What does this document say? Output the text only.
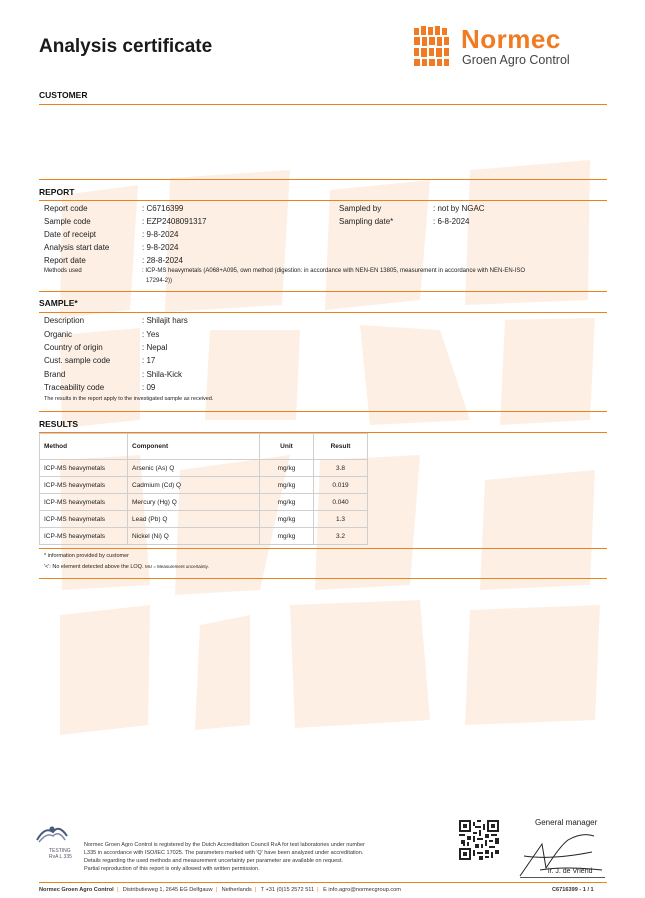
Analysis certificate	Normec
Groen Agro Control
CUSTOMER
REPORT
Report code	: C6716399	Sampled by	: not by NGAC
Sample code	: EZP2408091317	Sampling date*	: 6-8-2024
Date of receipt	: 9-8-2024
Analysis start date	: 9-8-2024
Report date	: 28-8-2024
Methods used	: ICP-MS heavymetals (A068+A095, own method (digestion: in accordance with NEN-EN 13805, measurement in accordance with NEN-EN-ISO
17294-2))
SAMPLE*
Description	: Shilajit hars
Organic	: Yes
Country of origin	: Nepal
Cust. sample code	: 17
Brand	: Shila-Kick
Traceability code	: 09
The results in the report apply to the investigated sample as received.
RESULTS
Method	Component	Unit	Result
ICP-MS heavymetals	Arsenic (As) Q	mg/kg	3.8
ICP-MS heavymetals	Cadmium (Cd) Q	mg/kg	0.019
ICP-MS heavymetals	Mercury (Hg) Q	mg/kg	0.040
ICP-MS heavymetals	Lead (Pb) Q	mg/kg	1.3
ICP-MS heavymetals	Nickel (Ni) Q	mg/kg	3.2
* information provided by customer
'<': No element detected above the LOQ. MU = Measurement uncertainty.
TESTING
RvA L 335
Normec Groen Agro Control is registered by the Dutch Accreditation Council RvA for test laboratories under number
L335 in accordance with ISO/IEC 17025. The parameters marked with 'Q' have been analyzed under accreditation.
Details regarding the used methods and measurement uncertainty per parameter are available on request.
Partial reproduction of this report is only allowed with written permission.
General manager
ir. J. de Vriend
Normec Groen Agro Control | Distributieweg 1, 2645 EG Delfgauw | Netherlands | T +31 (0)15 2572 511 | E info.agro@normecgroup.com	C6716399 - 1 / 1
